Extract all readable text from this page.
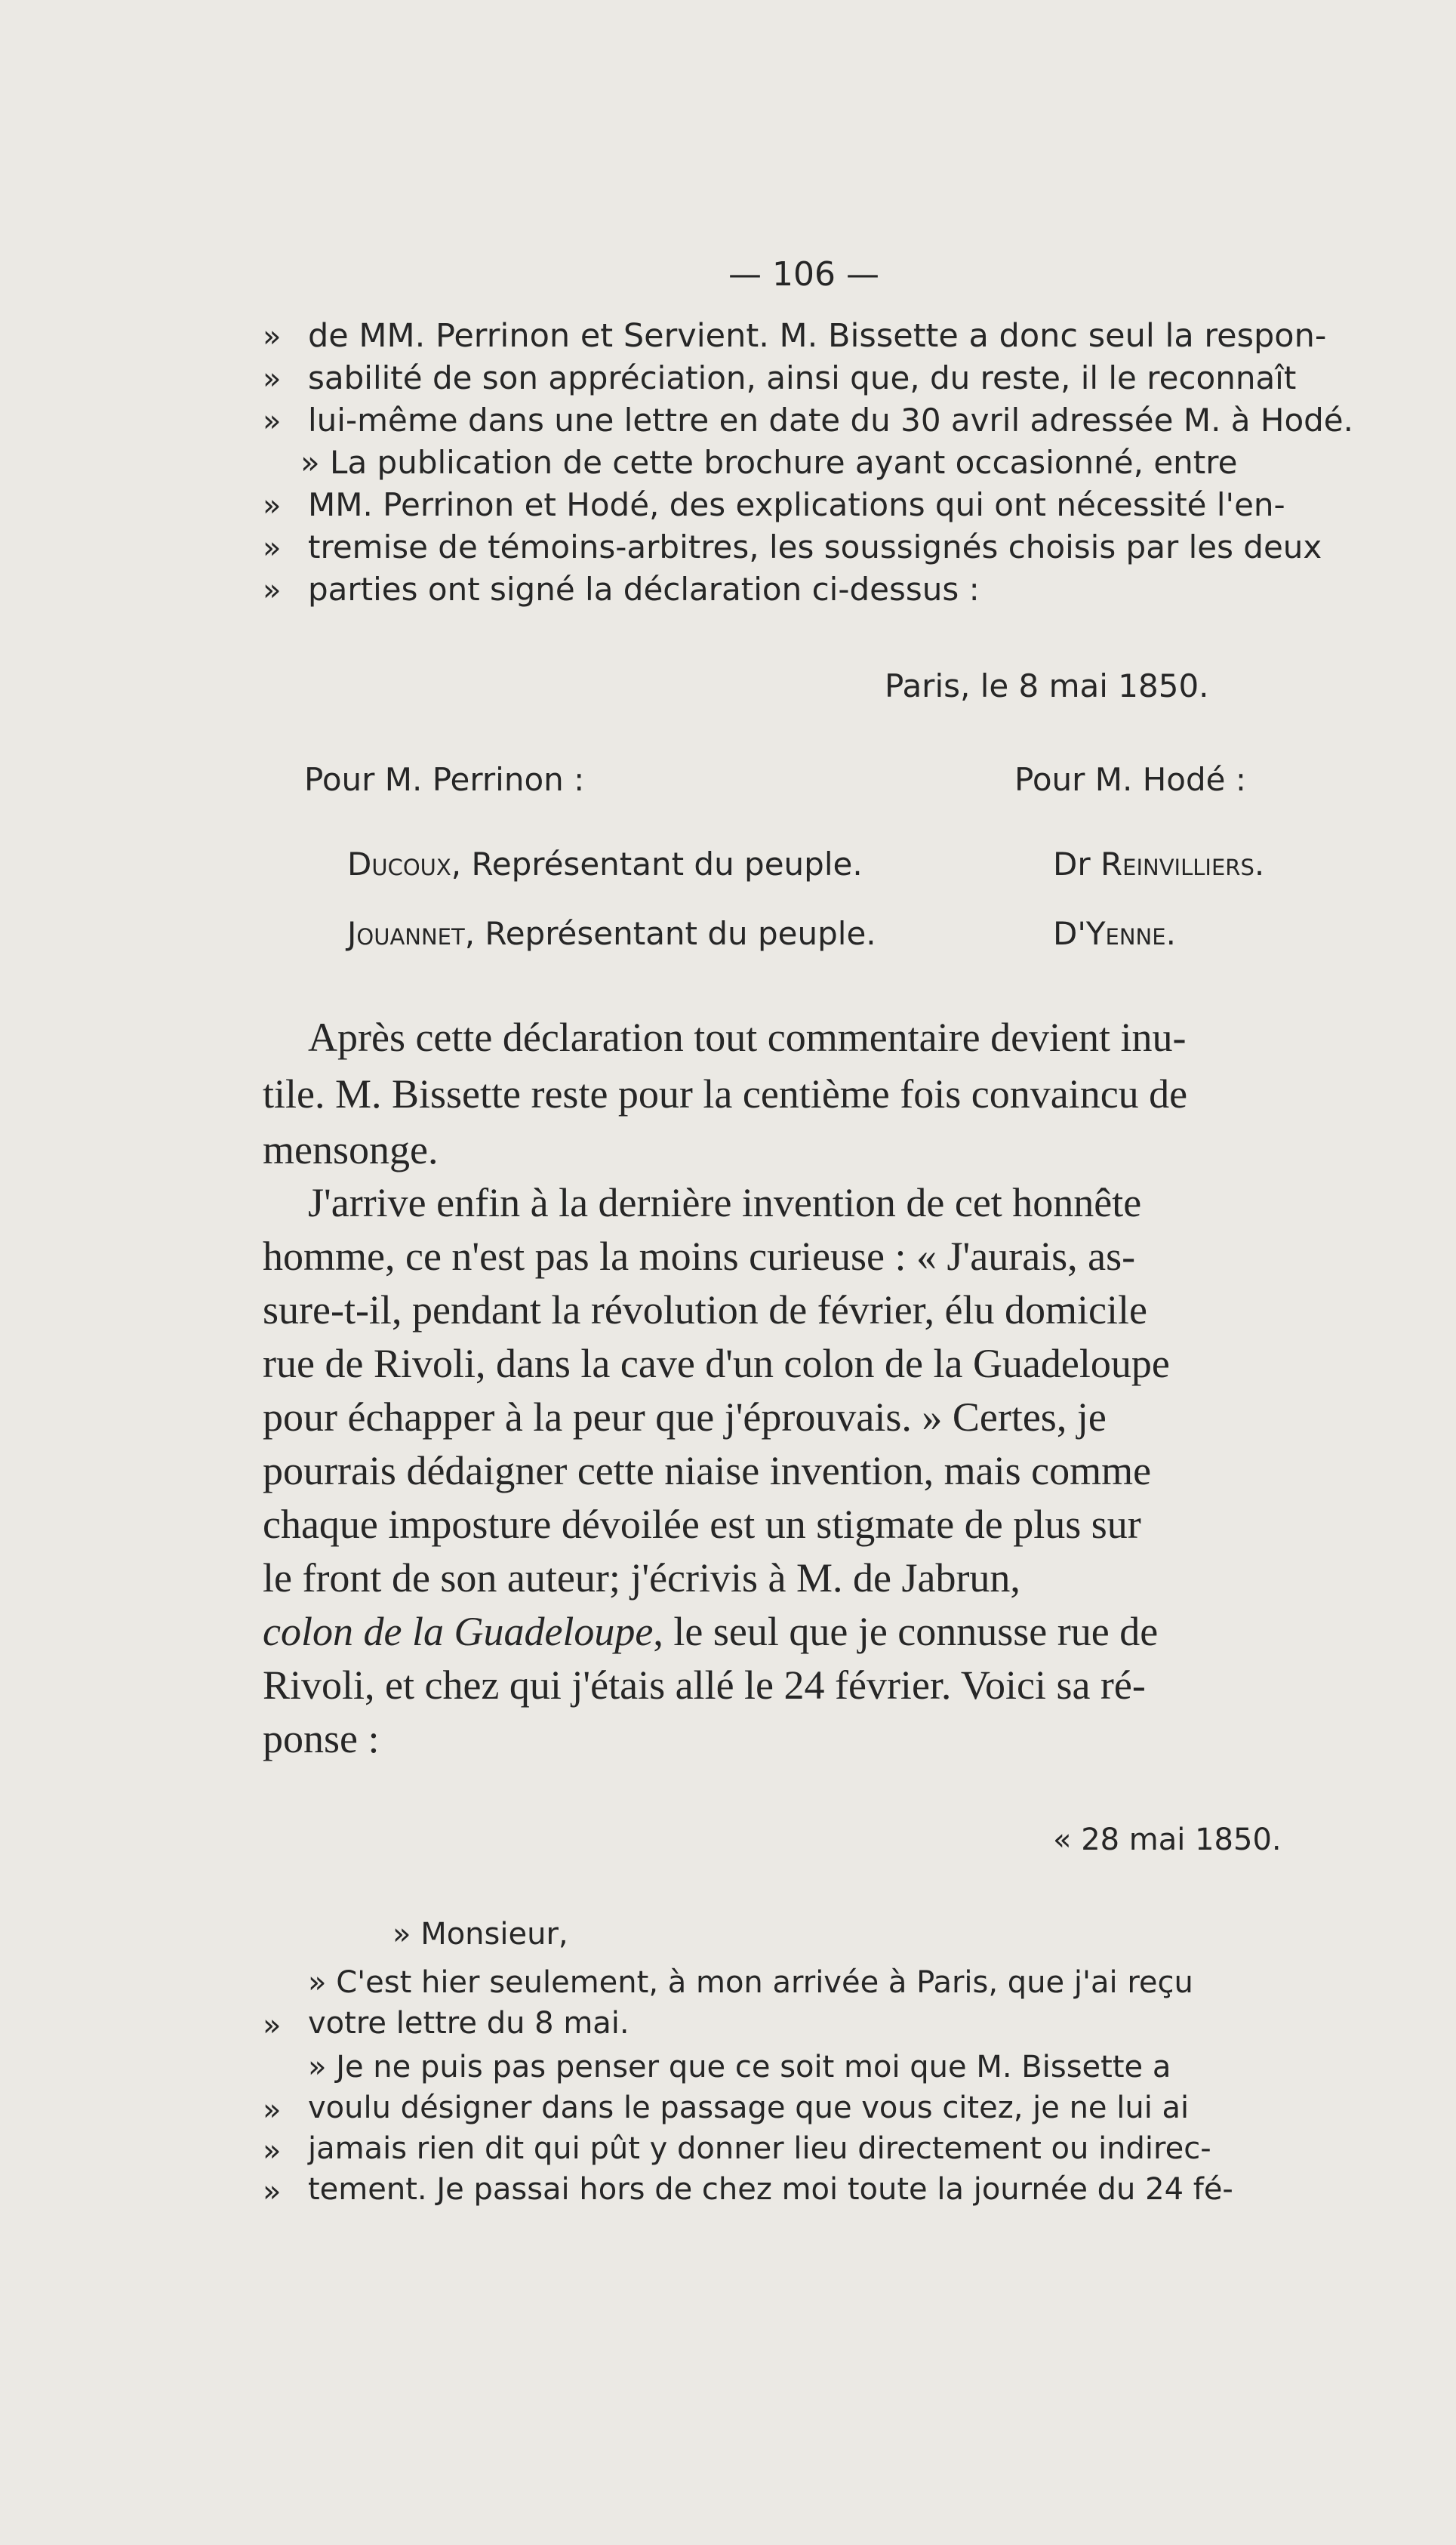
— 106 —
» de MM. Perrinon et Servient. M. Bissette a donc seul la respon-
» sabilité de son appréciation, ainsi que, du reste, il le reconnaît
» lui-même dans une lettre en date du 30 avril adressée M. à Hodé.
» La publication de cette brochure ayant occasionné, entre
» MM. Perrinon et Hodé, des explications qui ont nécessité l'en-
» tremise de témoins-arbitres, les soussignés choisis par les deux
» parties ont signé la déclaration ci-dessus :
Paris, le 8 mai 1850.
Pour M. Perrinon :	Pour M. Hodé :
Ducoux, Représentant du peuple.	Dr Reinvilliers.
Jouannet, Représentant du peuple.	D'Yenne.
Après cette déclaration tout commentaire devient inu-
tile. M. Bissette reste pour la centième fois convaincu de
mensonge.
J'arrive enfin à la dernière invention de cet honnête
homme, ce n'est pas la moins curieuse : « J'aurais, as-
sure-t-il, pendant la révolution de février, élu domicile
rue de Rivoli, dans la cave d'un colon de la Guadeloupe
pour échapper à la peur que j'éprouvais. » Certes, je
pourrais dédaigner cette niaise invention, mais comme
chaque imposture dévoilée est un stigmate de plus sur
le front de son auteur; j'écrivis à M. de Jabrun,
colon de la Guadeloupe, le seul que je connusse rue de
Rivoli, et chez qui j'étais allé le 24 février. Voici sa ré-
ponse :
« 28 mai 1850.
» Monsieur,
» C'est hier seulement, à mon arrivée à Paris, que j'ai reçu
» votre lettre du 8 mai.
» Je ne puis pas penser que ce soit moi que M. Bissette a
» voulu désigner dans le passage que vous citez, je ne lui ai
» jamais rien dit qui pût y donner lieu directement ou indirec-
» tement. Je passai hors de chez moi toute la journée du 24 fé-
